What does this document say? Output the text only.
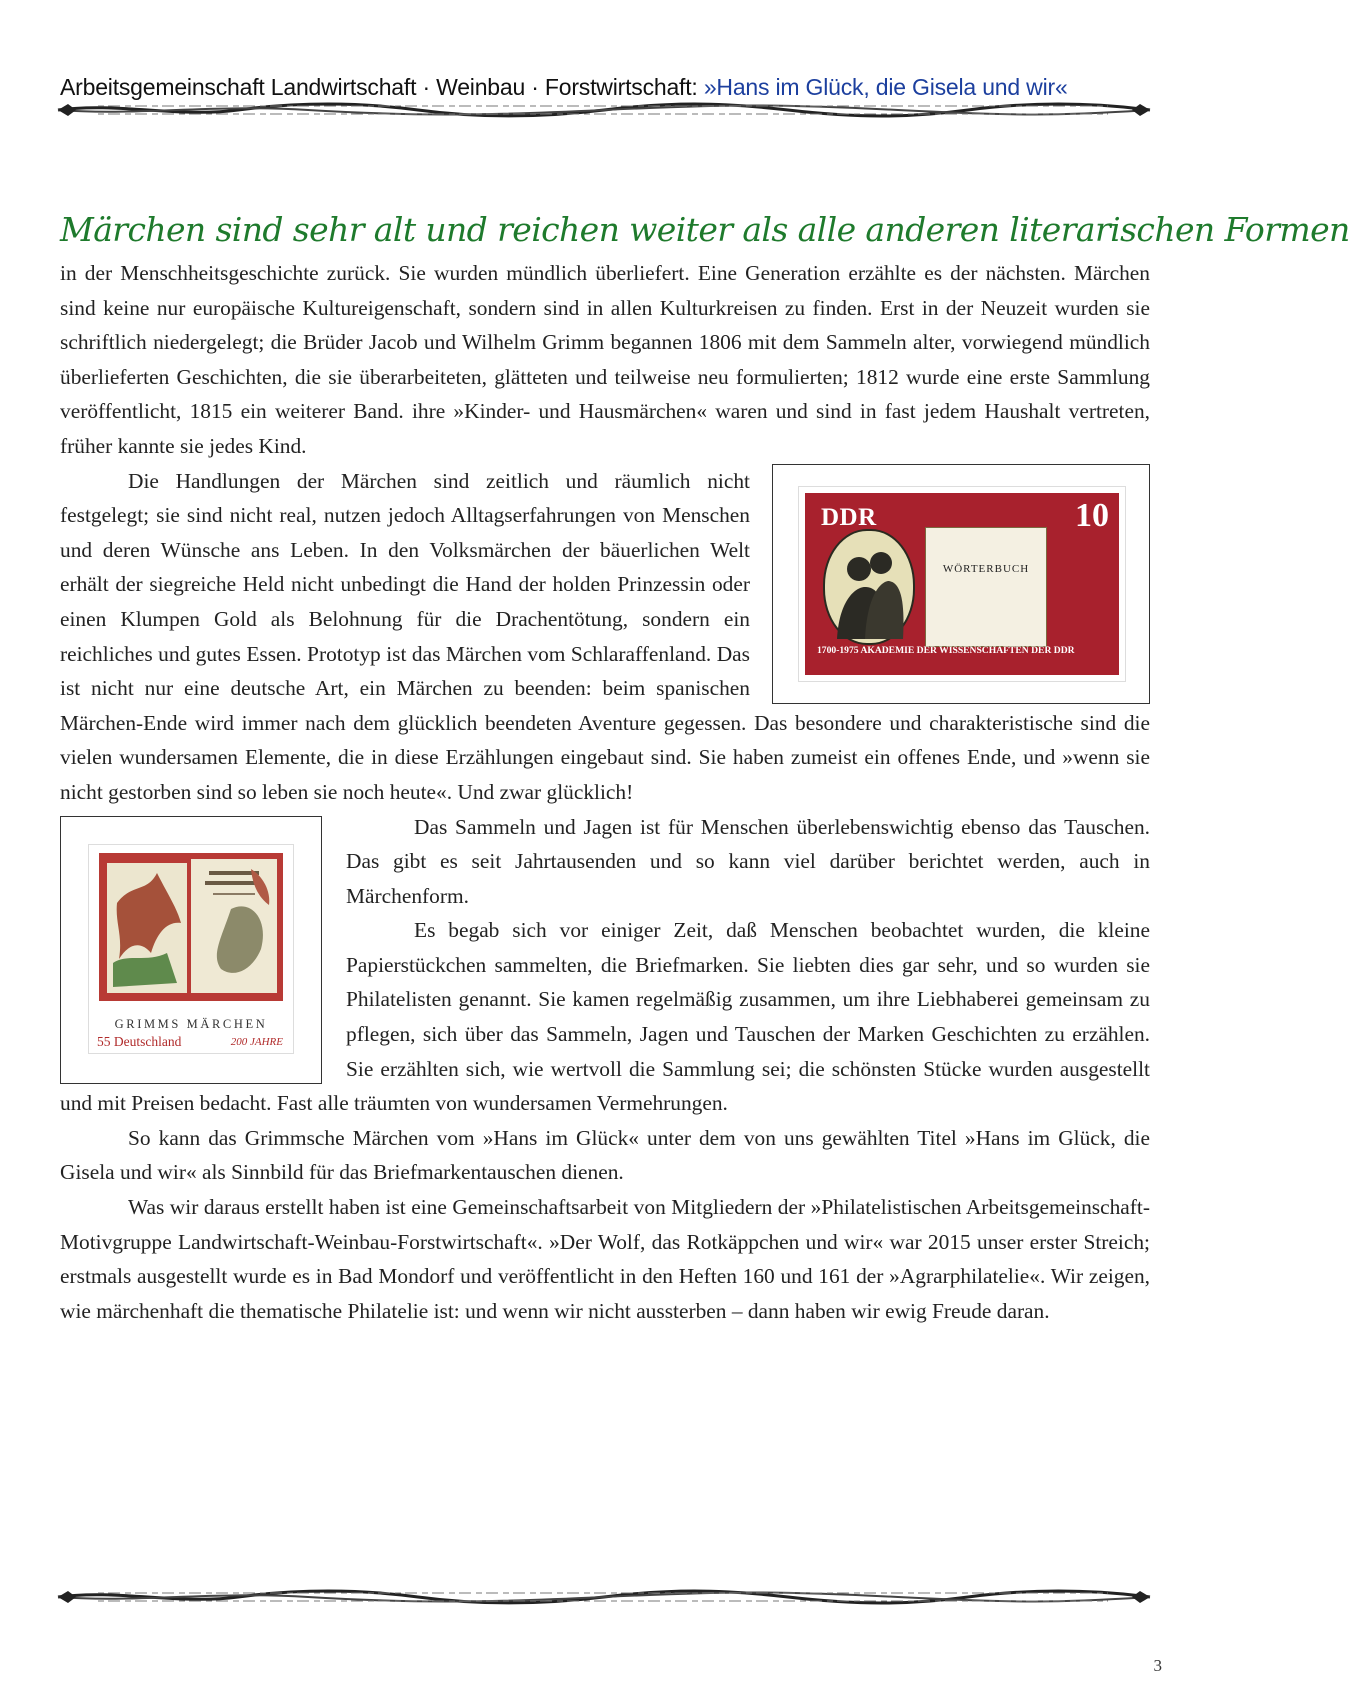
Arbeitsgemeinschaft Landwirtschaft · Weinbau · Forstwirtschaft: »Hans im Glück, die Gisela und wir«
Märchen sind sehr alt und reichen weiter als alle anderen literarischen Formen

in der Menschheitsgeschichte zurück. Sie wurden mündlich überliefert. Eine Generation erzählte es der nächsten. Märchen sind keine nur europäische Kultureigenschaft, sondern sind in allen Kulturkreisen zu finden. Erst in der Neuzeit wurden sie schriftlich niedergelegt; die Brüder Jacob und Wilhelm Grimm begannen 1806 mit dem Sammeln alter, vorwiegend mündlich überlieferten Geschichten, die sie überarbeiteten, glätteten und teilweise neu formulierten; 1812 wurde eine erste Sammlung veröffentlicht, 1815 ein weiterer Band. ihre »Kinder- und Hausmärchen« waren und sind in fast jedem Haushalt vertreten, früher kannte sie jedes Kind.

DDR	10
WÖRTERBUCH
1700-1975 AKADEMIE DER WISSENSCHAFTEN DER DDR

Die Handlungen der Märchen sind zeitlich und räumlich nicht festgelegt; sie sind nicht real, nutzen jedoch Alltagserfahrungen von Menschen und deren Wünsche ans Leben. In den Volksmärchen der bäuerlichen Welt erhält der siegreiche Held nicht unbedingt die Hand der holden Prinzessin oder einen Klumpen Gold als Belohnung für die Drachentötung, sondern ein reichliches und gutes Essen. Prototyp ist das Märchen vom Schlaraffenland. Das ist nicht nur eine deutsche Art, ein Märchen zu beenden: beim spanischen Märchen-Ende wird immer nach dem glücklich beendeten Aventure gegessen. Das besondere und charakteristische sind die vielen wundersamen Elemente, die in diese Erzählungen eingebaut sind. Sie haben zumeist ein offenes Ende, und »wenn sie nicht gestorben sind so leben sie noch heute«. Und zwar glücklich!

GRIMMS MÄRCHEN
55 Deutschland	200 JAHRE

Das Sammeln und Jagen ist für Menschen überlebenswichtig ebenso das Tauschen. Das gibt es seit Jahrtausenden und so kann viel darüber berichtet werden, auch in Märchenform.

Es begab sich vor einiger Zeit, daß Menschen beobachtet wurden, die kleine Papierstückchen sammelten, die Briefmarken. Sie liebten dies gar sehr, und so wurden sie Philatelisten genannt. Sie kamen regelmäßig zusammen, um ihre Liebhaberei gemeinsam zu pflegen, sich über das Sammeln, Jagen und Tauschen der Marken Geschichten zu erzählen. Sie erzählten sich, wie wertvoll die Sammlung sei; die schönsten Stücke wurden ausgestellt und mit Preisen bedacht. Fast alle träumten von wundersamen Vermehrungen.

So kann das Grimmsche Märchen vom »Hans im Glück« unter dem von uns gewählten Titel »Hans im Glück, die Gisela und wir« als Sinnbild für das Briefmarkentauschen dienen.

Was wir daraus erstellt haben ist eine Gemeinschaftsarbeit von Mitgliedern der »Philatelistischen Arbeitsgemeinschaft-Motivgruppe Landwirtschaft-Weinbau-Forstwirtschaft«. »Der Wolf, das Rotkäppchen und wir« war 2015 unser erster Streich; erstmals ausgestellt wurde es in Bad Mondorf und veröffentlicht in den Heften 160 und 161 der »Agrarphilatelie«. Wir zeigen, wie märchenhaft die thematische Philatelie ist: und wenn wir nicht aussterben – dann haben wir ewig Freude daran.

3
